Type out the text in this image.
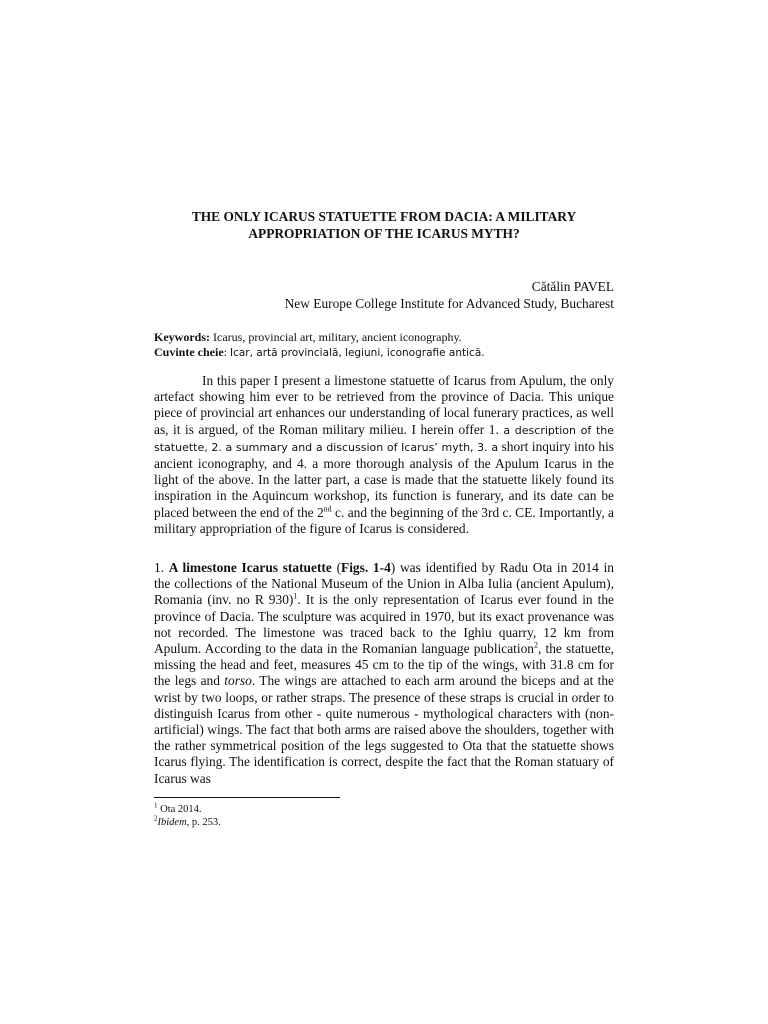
THE ONLY ICARUS STATUETTE FROM DACIA: A MILITARY
APPROPRIATION OF THE ICARUS MYTH?
Cătălin PAVEL
New Europe College Institute for Advanced Study, Bucharest
Keywords: Icarus, provincial art, military, ancient iconography.
Cuvinte cheie: Icar, artă provincială, legiuni, iconografie antică.

In this paper I present a limestone statuette of Icarus from Apulum, the only artefact showing him ever to be retrieved from the province of Dacia. This unique piece of provincial art enhances our understanding of local funerary practices, as well as, it is argued, of the Roman military milieu. I herein offer 1. a description of the statuette, 2. a summary and a discussion of Icarus’ myth, 3. a short inquiry into his ancient iconography, and 4. a more thorough analysis of the Apulum Icarus in the light of the above. In the latter part, a case is made that the statuette likely found its inspiration in the Aquincum workshop, its function is funerary, and its date can be placed between the end of the 2nd c. and the beginning of the 3rd c. CE. Importantly, a military appropriation of the figure of Icarus is considered.

1. A limestone Icarus statuette (Figs. 1-4) was identified by Radu Ota in 2014 in the collections of the National Museum of the Union in Alba Iulia (ancient Apulum), Romania (inv. no R 930)$^1$. It is the only representation of Icarus ever found in the province of Dacia. The sculpture was acquired in 1970, but its exact provenance was not recorded. The limestone was traced back to the Ighiu quarry, 12 km from Apulum. According to the data in the Romanian language publication$^2$, the statuette, missing the head and feet, measures 45 cm to the tip of the wings, with 31.8 cm for the legs and torso. The wings are attached to each arm around the biceps and at the wrist by two loops, or rather straps. The presence of these straps is crucial in order to distinguish Icarus from other - quite numerous - mythological characters with (non-artificial) wings. The fact that both arms are raised above the shoulders, together with the rather symmetrical position of the legs suggested to Ota that the statuette shows Icarus flying. The identification is correct, despite the fact that the Roman statuary of Icarus was

$^1$ Ota 2014.
$^2$Ibidem, p. 253.
